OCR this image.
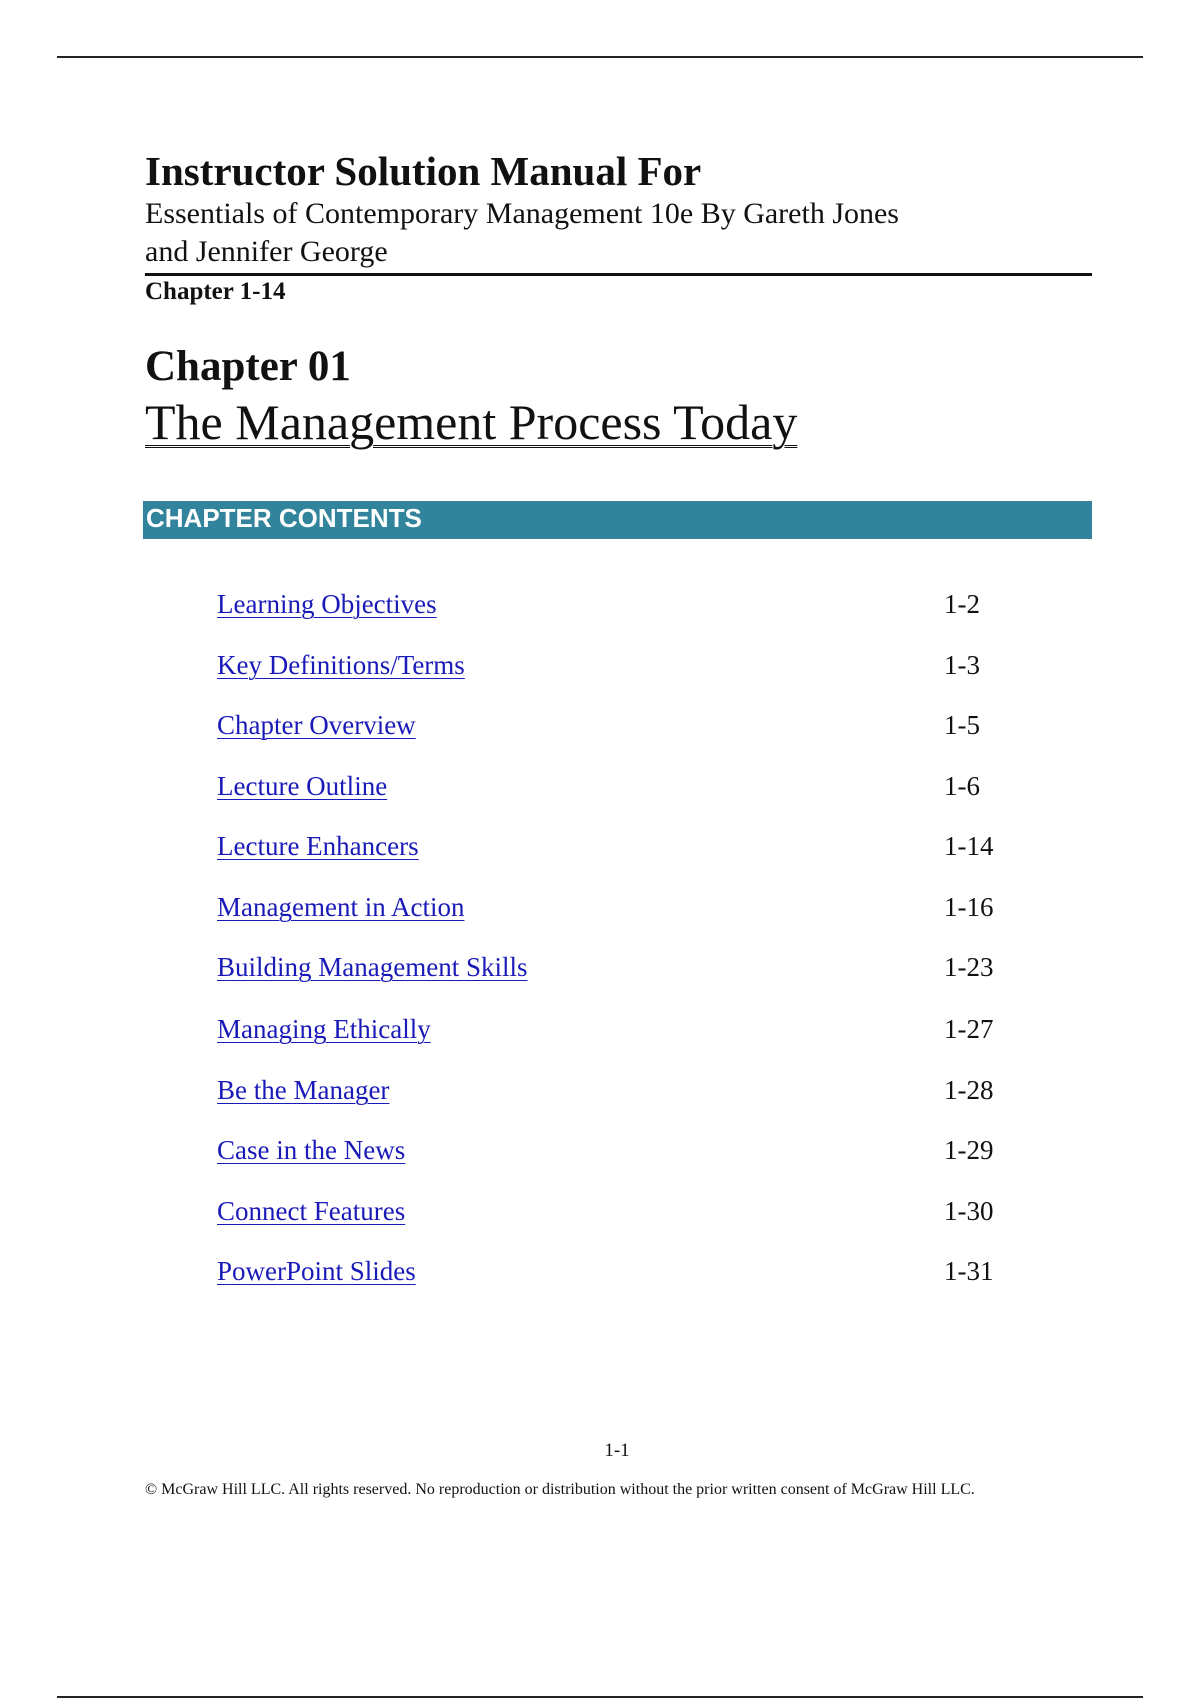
Instructor Solution Manual For
Essentials of Contemporary Management 10e By Gareth Jones and Jennifer George
Chapter 1-14
Chapter 01
The Management Process Today
CHAPTER CONTENTS
Learning Objectives	1-2
Key Definitions/Terms	1-3
Chapter Overview	1-5
Lecture Outline	1-6
Lecture Enhancers	1-14
Management in Action	1-16
Building Management Skills	1-23
Managing Ethically	1-27
Be the Manager	1-28
Case in the News	1-29
Connect Features	1-30
PowerPoint Slides	1-31
1-1
© McGraw Hill LLC. All rights reserved. No reproduction or distribution without the prior written consent of McGraw Hill LLC.
